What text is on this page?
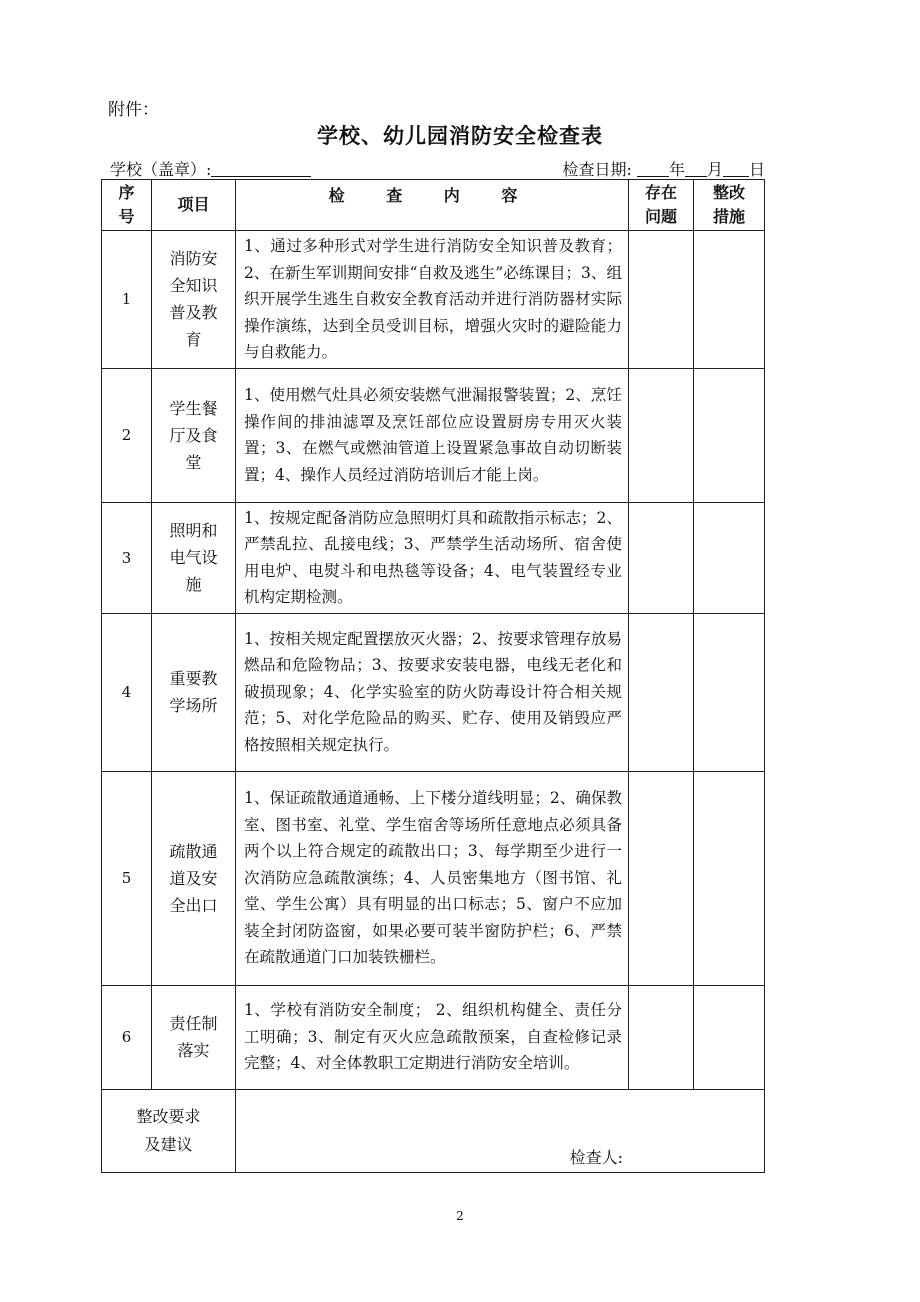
附件：
学校、幼儿园消防安全检查表
学校（盖章）:	检查日期: 年 月 日
序号	项目	检 查 内 容	存在问题	整改措施

1	消防安全知识普及教育	1、通过多种形式对学生进行消防安全知识普及教育；2、在新生军训期间安排“自救及逃生”必练课目；3、组织开展学生逃生自救安全教育活动并进行消防器材实际操作演练，达到全员受训目标，增强火灾时的避险能力与自救能力。		
2	学生餐厅及食堂	1、使用燃气灶具必须安装燃气泄漏报警装置；2、烹饪操作间的排油滤罩及烹饪部位应设置厨房专用灭火装置；3、在燃气或燃油管道上设置紧急事故自动切断装置；4、操作人员经过消防培训后才能上岗。		
3	照明和电气设施	1、按规定配备消防应急照明灯具和疏散指示标志；2、严禁乱拉、乱接电线；3、严禁学生活动场所、宿舍使用电炉、电熨斗和电热毯等设备；4、电气装置经专业机构定期检测。		
4	重要教学场所	1、按相关规定配置摆放灭火器；2、按要求管理存放易燃品和危险物品；3、按要求安装电器，电线无老化和破损现象；4、化学实验室的防火防毒设计符合相关规范；5、对化学危险品的购买、贮存、使用及销毁应严格按照相关规定执行。		
5	疏散通道及安全出口	1、保证疏散通道通畅、上下楼分道线明显；2、确保教室、图书室、礼堂、学生宿舍等场所任意地点必须具备两个以上符合规定的疏散出口；3、每学期至少进行一次消防应急疏散演练；4、人员密集地方（图书馆、礼堂、学生公寓）具有明显的出口标志；5、窗户不应加装全封闭防盗窗，如果必要可装半窗防护栏；6、严禁在疏散通道门口加装铁栅栏。		
6	责任制落实	1、学校有消防安全制度； 2、组织机构健全、责任分工明确；3、制定有灭火应急疏散预案，自查检修记录完整；4、对全体教职工定期进行消防安全培训。		

整改要求及建议		检查人:		
2
